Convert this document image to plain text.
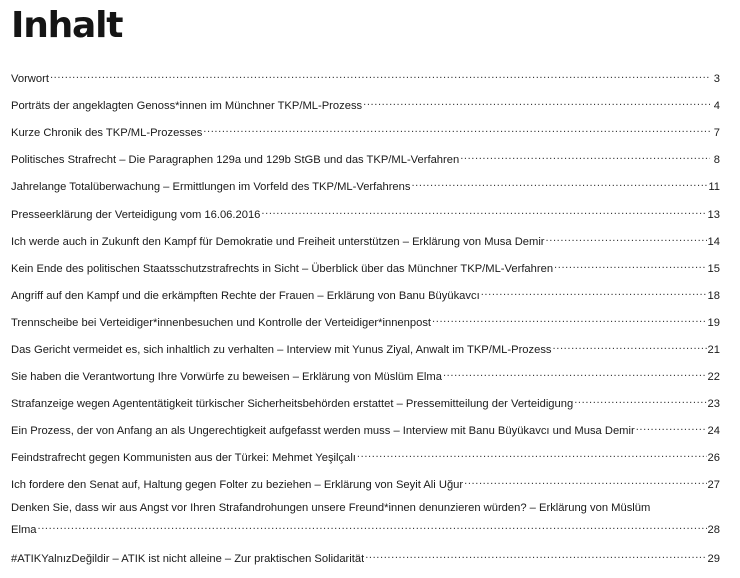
Inhalt
Vorwort .....	3
Porträts der angeklagten Genoss*innen im Münchner TKP/ML-Prozess .....	4
Kurze Chronik des TKP/ML-Prozesses .....	7
Politisches Strafrecht – Die Paragraphen 129a und 129b StGB und das TKP/ML-Verfahren .....	8
Jahrelange Totalüberwachung – Ermittlungen im Vorfeld des TKP/ML-Verfahrens .....	11
Presseerklärung der Verteidigung vom 16.06.2016 .....	13
Ich werde auch in Zukunft den Kampf für Demokratie und Freiheit unterstützen – Erklärung von Musa Demir .....	14
Kein Ende des politischen Staatsschutzstrafrechts in Sicht – Überblick über das Münchner TKP/ML-Verfahren .....	15
Angriff auf den Kampf und die erkämpften Rechte der Frauen – Erklärung von Banu Büyükavcı .....	18
Trennscheibe bei Verteidiger*innenbesuchen und Kontrolle der Verteidiger*innenpost .....	19
Das Gericht vermeidet es, sich inhaltlich zu verhalten – Interview mit Yunus Ziyal, Anwalt im TKP/ML-Prozess .....	21
Sie haben die Verantwortung Ihre Vorwürfe zu beweisen – Erklärung von Müslüm Elma .....	22
Strafanzeige wegen Agententätigkeit türkischer Sicherheitsbehörden erstattet – Pressemitteilung der Verteidigung .....	23
Ein Prozess, der von Anfang an als Ungerechtigkeit aufgefasst werden muss – Interview mit Banu Büyükavcı und Musa Demir .....	24
Feindstrafrecht gegen Kommunisten aus der Türkei: Mehmet Yeşilçalı .....	26
Ich fordere den Senat auf, Haltung gegen Folter zu beziehen – Erklärung von Seyit Ali Uğur .....	27
Denken Sie, dass wir aus Angst vor Ihren Strafandrohungen unsere Freund*innen denunzieren würden? – Erklärung von Müslüm
Elma .....	28
#ATIKYalnızDeğildir – ATIK ist nicht alleine – Zur praktischen Solidarität .....	29
